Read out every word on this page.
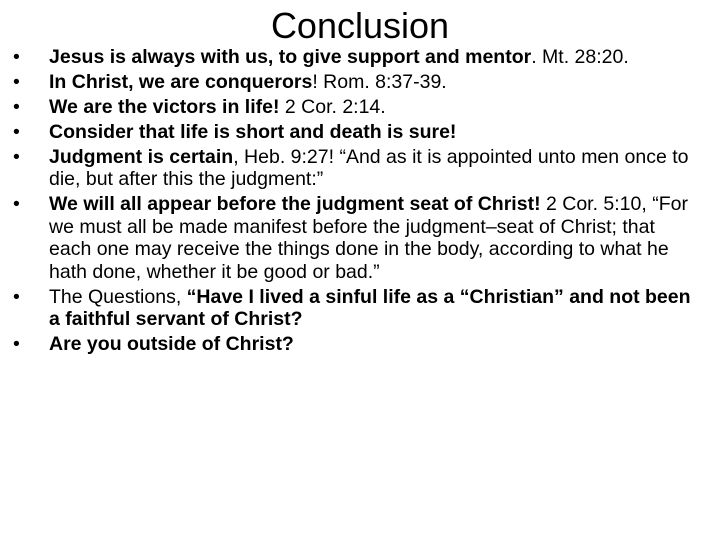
Conclusion
• Jesus is always with us, to give support and mentor. Mt. 28:20.
• In Christ, we are conquerors! Rom. 8:37-39.
• We are the victors in life! 2 Cor. 2:14.
• Consider that life is short and death is sure!
• Judgment is certain, Heb. 9:27! “And as it is appointed unto men once to die, but after this the judgment:”
• We will all appear before the judgment seat of Christ! 2 Cor. 5:10, “For we must all be made manifest before the judgment–seat of Christ; that each one may receive the things done in the body, according to what he hath done, whether it be good or bad.”
• The Questions, “Have I lived a sinful life as a “Christian” and not been a faithful servant of Christ?
• Are you outside of Christ?
